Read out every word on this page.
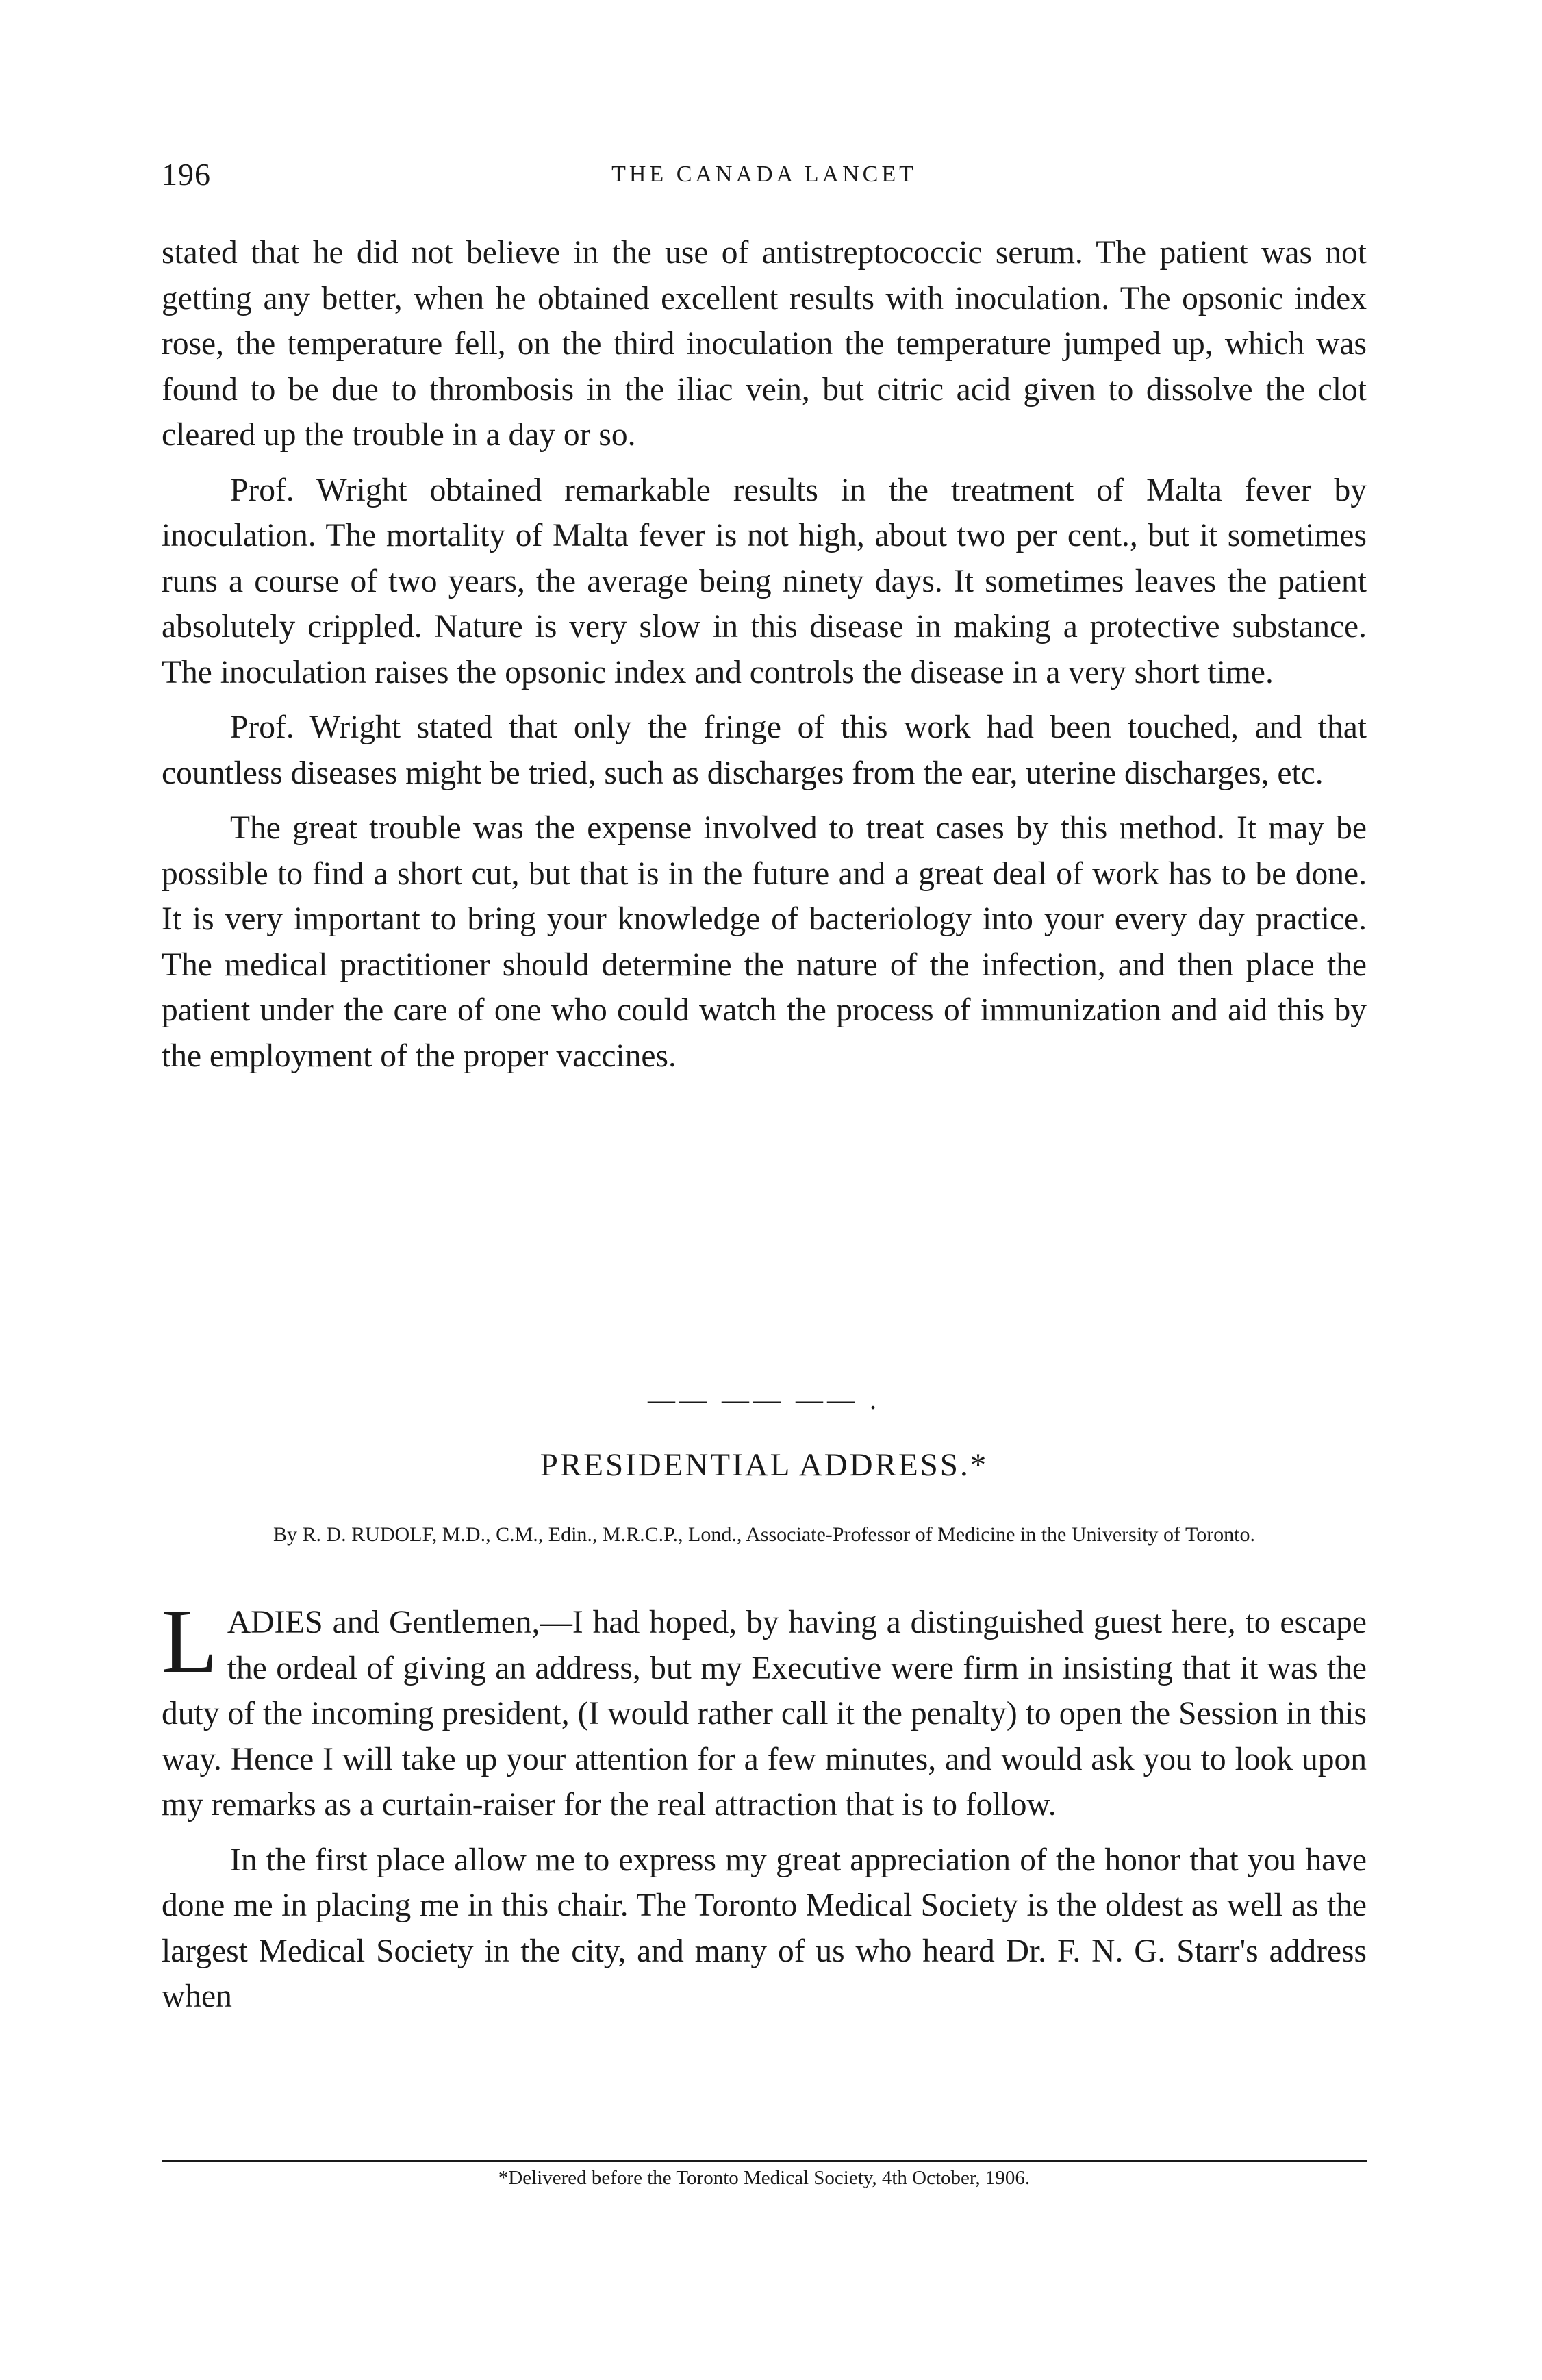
196	THE CANADA LANCET

stated that he did not believe in the use of antistreptococcic serum. The patient was not getting any better, when he obtained excellent results with inoculation. The opsonic index rose, the temperature fell, on the third inoculation the temperature jumped up, which was found to be due to thrombosis in the iliac vein, but citric acid given to dissolve the clot cleared up the trouble in a day or so.

Prof. Wright obtained remarkable results in the treatment of Malta fever by inoculation. The mortality of Malta fever is not high, about two per cent., but it sometimes runs a course of two years, the average being ninety days. It sometimes leaves the patient absolutely crippled. Nature is very slow in this disease in making a protective substance. The inoculation raises the opsonic index and controls the disease in a very short time.

Prof. Wright stated that only the fringe of this work had been touched, and that countless diseases might be tried, such as discharges from the ear, uterine discharges, etc.

The great trouble was the expense involved to treat cases by this method. It may be possible to find a short cut, but that is in the future and a great deal of work has to be done. It is very important to bring your knowledge of bacteriology into your every day practice. The medical practitioner should determine the nature of the infection, and then place the patient under the care of one who could watch the process of immunization and aid this by the employment of the proper vaccines.

—— —— —— .
PRESIDENTIAL ADDRESS.*
By R. D. RUDOLF, M.D., C.M., Edin., M.R.C.P., Lond., Associate-Professor of Medicine in the University of Toronto.

LADIES and Gentlemen,—I had hoped, by having a distinguished guest here, to escape the ordeal of giving an address, but my Executive were firm in insisting that it was the duty of the incoming president, (I would rather call it the penalty) to open the Session in this way. Hence I will take up your attention for a few minutes, and would ask you to look upon my remarks as a curtain-raiser for the real attraction that is to follow.

In the first place allow me to express my great appreciation of the honor that you have done me in placing me in this chair. The Toronto Medical Society is the oldest as well as the largest Medical Society in the city, and many of us who heard Dr. F. N. G. Starr's address when

*Delivered before the Toronto Medical Society, 4th October, 1906.
